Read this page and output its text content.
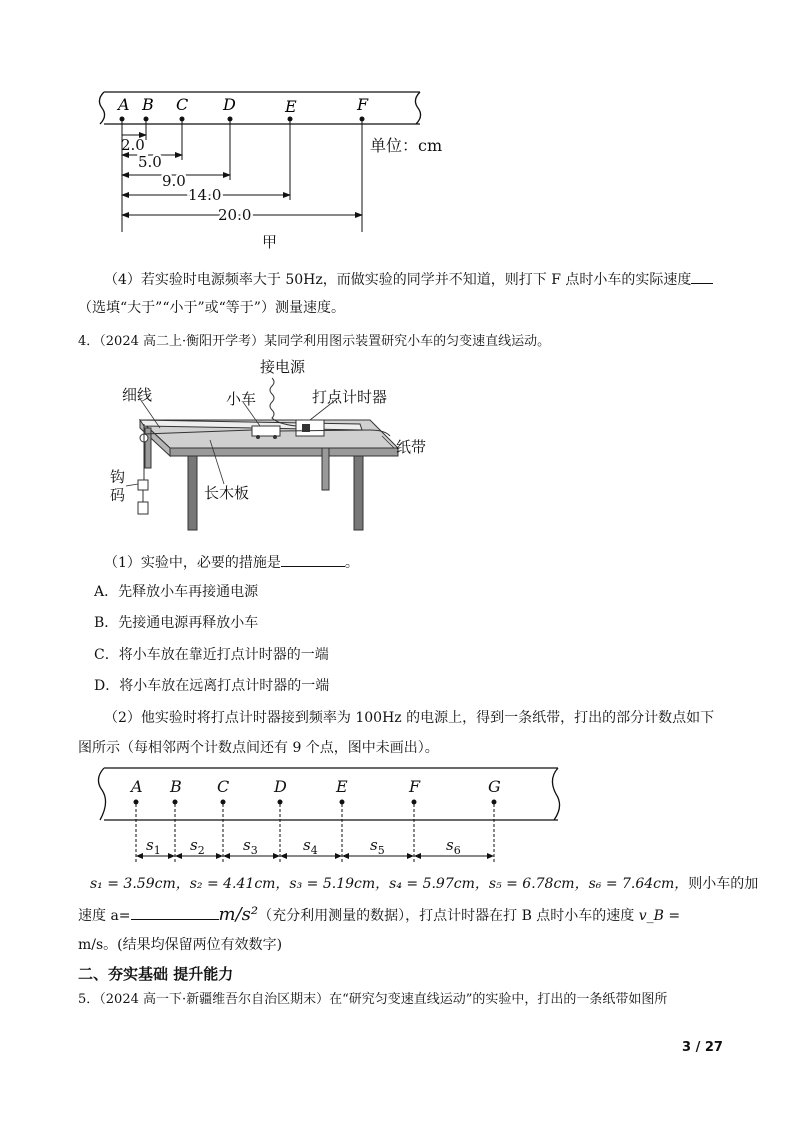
A B C D	E	F
2.0
5.0
9.0
14.0
20.0
单位：cm
甲
（4）若实验时电源频率大于 50Hz，而做实验的同学并不知道，则打下 F 点时小车的实际速度
（选填“大于”“小于”或“等于”）测量速度。
4．（2024 高二上·衡阳开学考）某同学利用图示装置研究小车的匀变速直线运动。
接电源
细线	小车	打点计时器
纸带
钩
码	长木板
（1）实验中，必要的措施是	。
A．先释放小车再接通电源
B．先接通电源再释放小车
C．将小车放在靠近打点计时器的一端
D．将小车放在远离打点计时器的一端
（2）他实验时将打点计时器接到频率为 100Hz 的电源上，得到一条纸带，打出的部分计数点如下
图所示（每相邻两个计数点间还有 9 个点，图中未画出）。
A B C	D	E	F	G
$s_1$ $s_2$	$s_3$	$s_4$	$s_5$	$s_6$
s₁ = 3.59cm，s₂ = 4.41cm，s₃ = 5.19cm，s₄ = 5.97cm，s₅ = 6.78cm，s₆ = 7.64cm，则小车的加
速度 a=	m/s²（充分利用测量的数据），打点计时器在打 B 点时小车的速度 v_B =
m/s。(结果均保留两位有效数字)
二、夯实基础 提升能力
5．（2024 高一下·新疆维吾尔自治区期末）在“研究匀变速直线运动”的实验中，打出的一条纸带如图所
3 / 27
